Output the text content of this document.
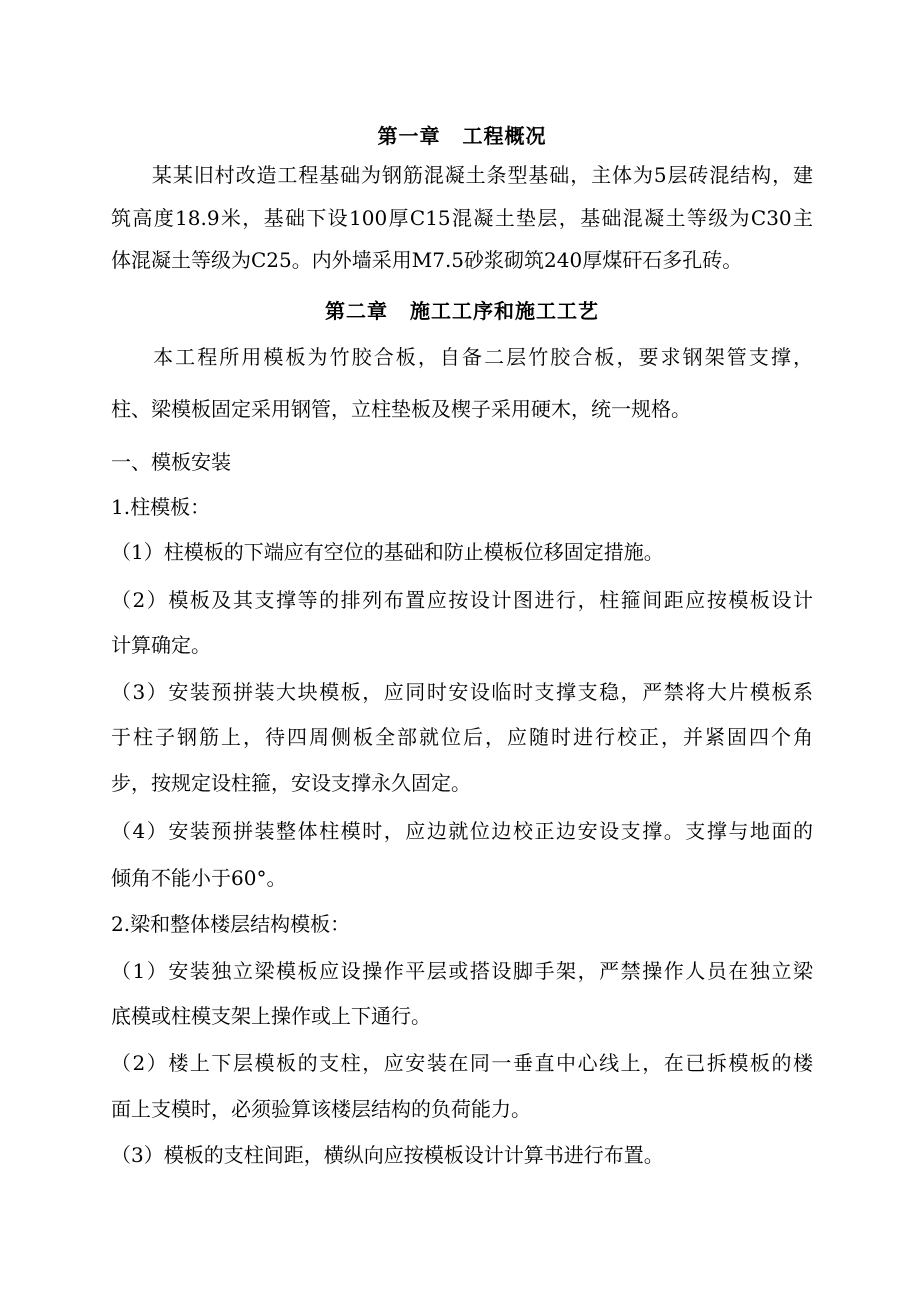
第一章 工程概况
某某旧村改造工程基础为钢筋混凝土条型基础，主体为5层砖混结构，建
筑高度18.9米，基础下设100厚C15混凝土垫层，基础混凝土等级为C30主
体混凝土等级为C25。内外墙采用M7.5砂浆砌筑240厚煤矸石多孔砖。
第二章 施工工序和施工工艺
本工程所用模板为竹胶合板，自备二层竹胶合板，要求钢架管支撑，
柱、梁模板固定采用钢管，立柱垫板及楔子采用硬木，统一规格。
一、模板安装
1.柱模板：
（1）柱模板的下端应有空位的基础和防止模板位移固定措施。
（2）模板及其支撑等的排列布置应按设计图进行，柱箍间距应按模板设计
计算确定。
（3）安装预拼装大块模板，应同时安设临时支撑支稳，严禁将大片模板系
于柱子钢筋上，待四周侧板全部就位后，应随时进行校正，并紧固四个角
步，按规定设柱箍，安设支撑永久固定。
（4）安装预拼装整体柱模时，应边就位边校正边安设支撑。支撑与地面的
倾角不能小于60°。
2.梁和整体楼层结构模板：
（1）安装独立梁模板应设操作平层或搭设脚手架，严禁操作人员在独立梁
底模或柱模支架上操作或上下通行。
（2）楼上下层模板的支柱，应安装在同一垂直中心线上，在已拆模板的楼
面上支模时，必须验算该楼层结构的负荷能力。
（3）模板的支柱间距，横纵向应按模板设计计算书进行布置。
